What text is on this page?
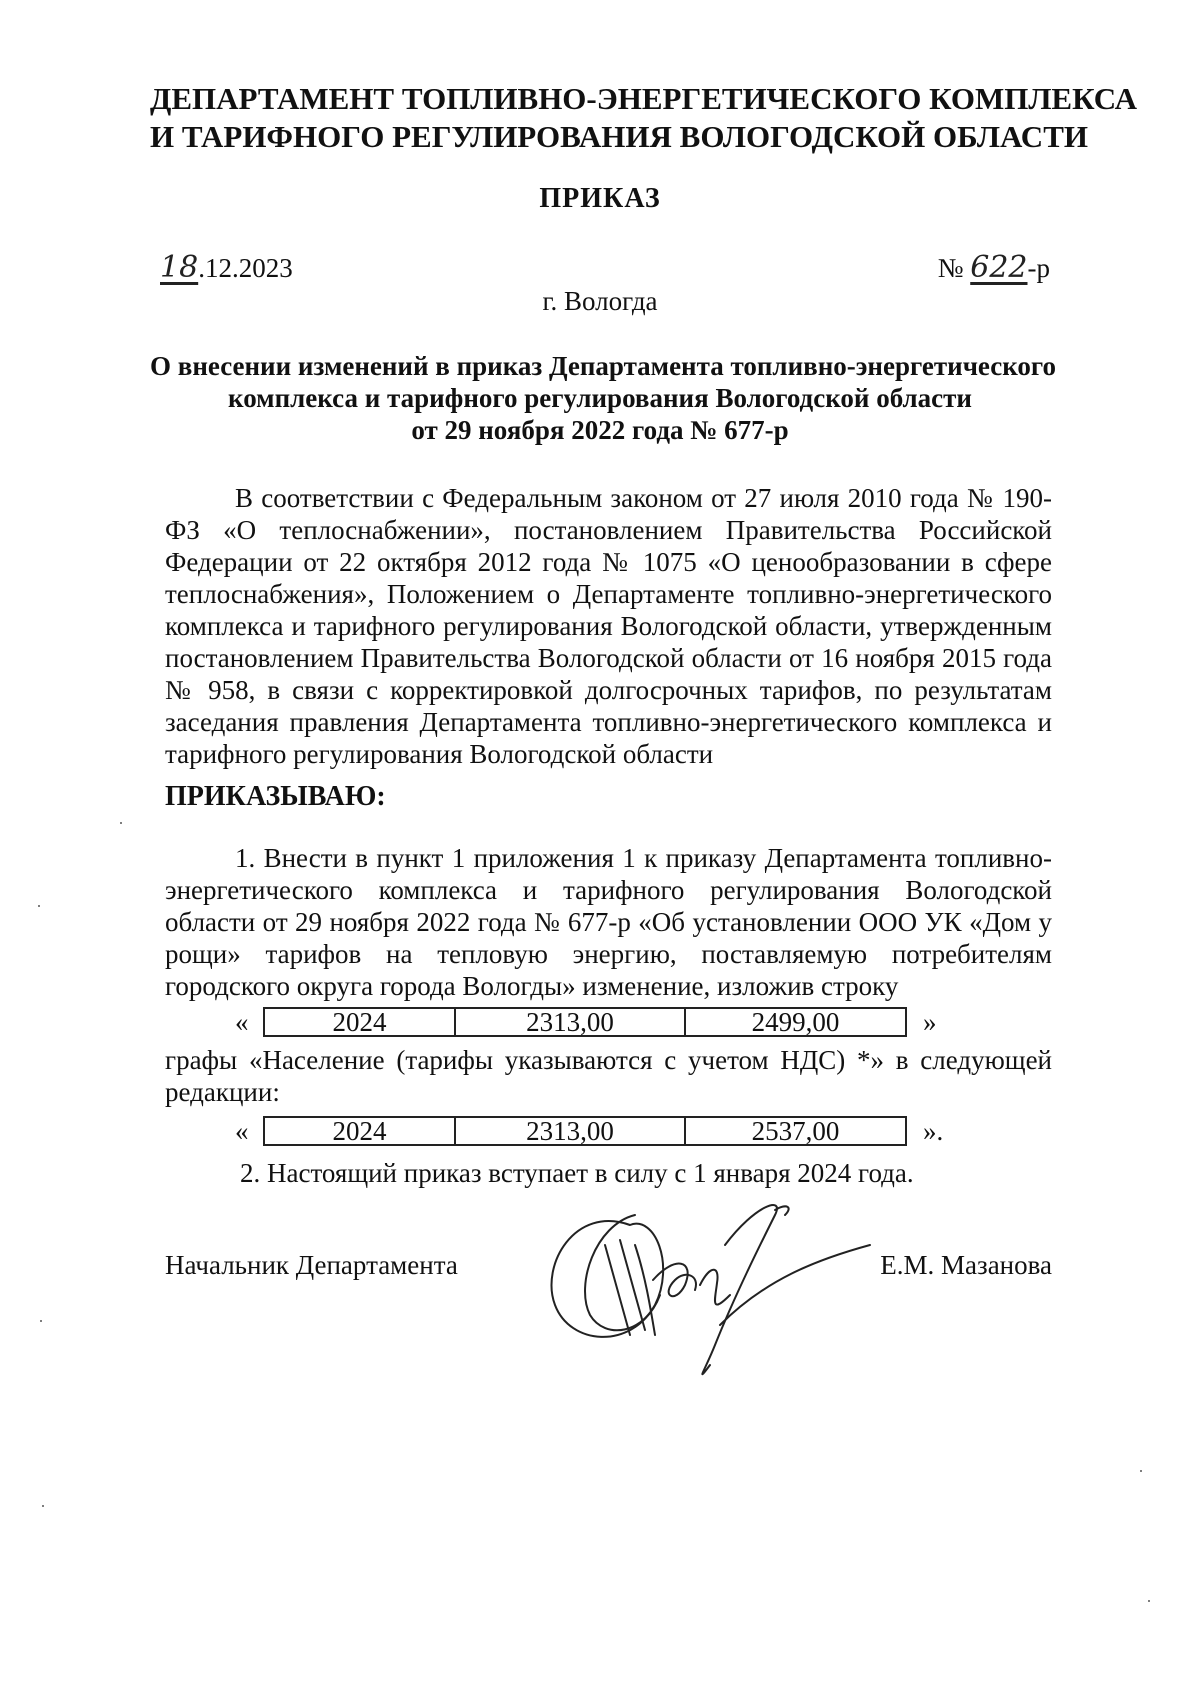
ДЕПАРТАМЕНТ ТОПЛИВНО-ЭНЕРГЕТИЧЕСКОГО КОМПЛЕКСА
И ТАРИФНОГО РЕГУЛИРОВАНИЯ ВОЛОГОДСКОЙ ОБЛАСТИ
ПРИКАЗ
18.12.2023	№ 622-р
г. Вологда
О внесении изменений в приказ Департамента топливно-энергетического
комплекса и тарифного регулирования Вологодской области
от 29 ноября 2022 года № 677-р
В соответствии с Федеральным законом от 27 июля 2010 года № 190-ФЗ «О теплоснабжении», постановлением Правительства Российской Федерации от 22 октября 2012 года № 1075 «О ценообразовании в сфере теплоснабжения», Положением о Департаменте топливно-энергетического комплекса и тарифного регулирования Вологодской области, утвержденным постановлением Правительства Вологодской области от 16 ноября 2015 года № 958, в связи с корректировкой долгосрочных тарифов, по результатам заседания правления Департамента топливно-энергетического комплекса и тарифного регулирования Вологодской области
ПРИКАЗЫВАЮ:
1. Внести в пункт 1 приложения 1 к приказу Департамента топливно-энергетического комплекса и тарифного регулирования Вологодской области от 29 ноября 2022 года № 677-р «Об установлении ООО УК «Дом у рощи» тарифов на тепловую энергию, поставляемую потребителям городского округа города Вологды» изменение, изложив строку
«	2024	2313,00	2499,00	»
графы «Население (тарифы указываются с учетом НДС) *» в следующей редакции:
«	2024	2313,00	2537,00	».
2. Настоящий приказ вступает в силу с 1 января 2024 года.
Начальник Департамента	Е.М. Мазанова
